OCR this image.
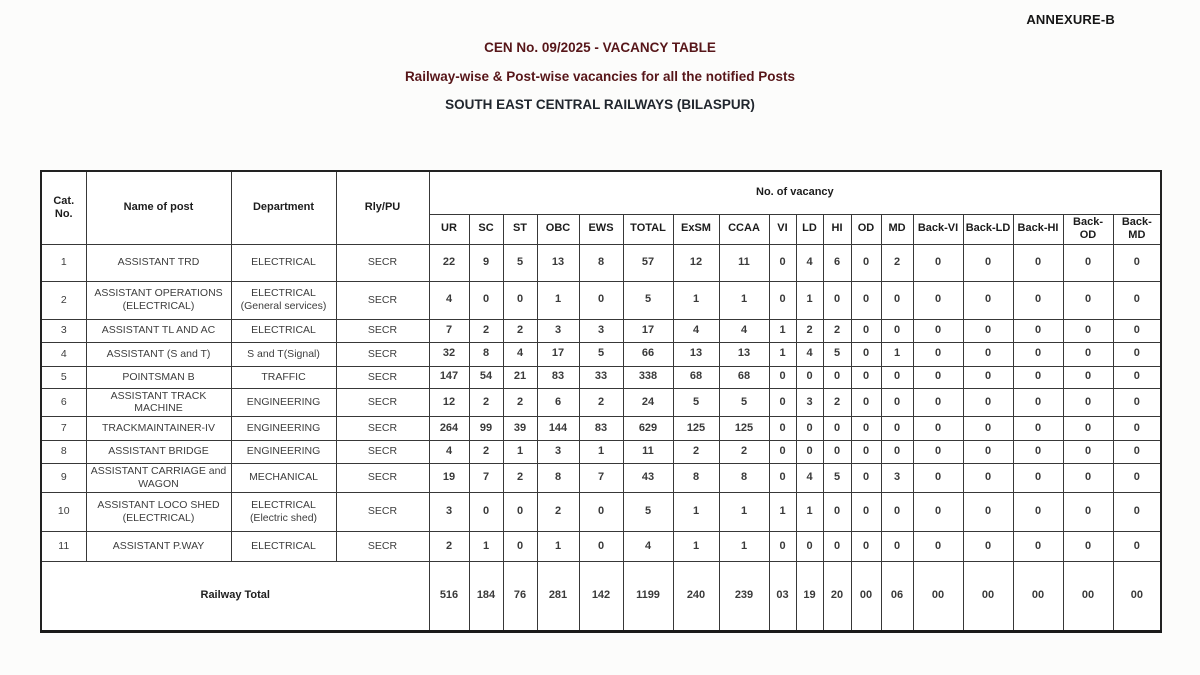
ANNEXURE-B
CEN No. 09/2025 - VACANCY TABLE
Railway-wise & Post-wise vacancies for all the notified Posts
SOUTH EAST CENTRAL RAILWAYS (BILASPUR)
Cat. No.	Name of post	Department	Rly/PU	No. of vacancy																	
				UR	SC	ST	OBC	EWS	TOTAL	ExSM	CCAA	VI	LD	HI	OD	MD	Back-VI	Back-LD	Back-HI	Back-OD	Back-MD
1	ASSISTANT TRD	ELECTRICAL	SECR	22	9	5	13	8	57	12	11	0	4	6	0	2	0	0	0	0	0
2	ASSISTANT OPERATIONS (ELECTRICAL)	ELECTRICAL (General services)	SECR	4	0	0	1	0	5	1	1	0	1	0	0	0	0	0	0	0	0
3	ASSISTANT TL AND AC	ELECTRICAL	SECR	7	2	2	3	3	17	4	4	1	2	2	0	0	0	0	0	0	0
4	ASSISTANT (S and T)	S and T(Signal)	SECR	32	8	4	17	5	66	13	13	1	4	5	0	1	0	0	0	0	0
5	POINTSMAN B	TRAFFIC	SECR	147	54	21	83	33	338	68	68	0	0	0	0	0	0	0	0	0	0
6	ASSISTANT TRACK MACHINE	ENGINEERING	SECR	12	2	2	6	2	24	5	5	0	3	2	0	0	0	0	0	0	0
7	TRACKMAINTAINER-IV	ENGINEERING	SECR	264	99	39	144	83	629	125	125	0	0	0	0	0	0	0	0	0	0
8	ASSISTANT BRIDGE	ENGINEERING	SECR	4	2	1	3	1	11	2	2	0	0	0	0	0	0	0	0	0	0
9	ASSISTANT CARRIAGE and WAGON	MECHANICAL	SECR	19	7	2	8	7	43	8	8	0	4	5	0	3	0	0	0	0	0
10	ASSISTANT LOCO SHED (ELECTRICAL)	ELECTRICAL (Electric shed)	SECR	3	0	0	2	0	5	1	1	1	1	0	0	0	0	0	0	0	0
11	ASSISTANT P.WAY	ELECTRICAL	SECR	2	1	0	1	0	4	1	1	0	0	0	0	0	0	0	0	0	0
Railway Total				516	184	76	281	142	1199	240	239	03	19	20	00	06	00	00	00	00	00
